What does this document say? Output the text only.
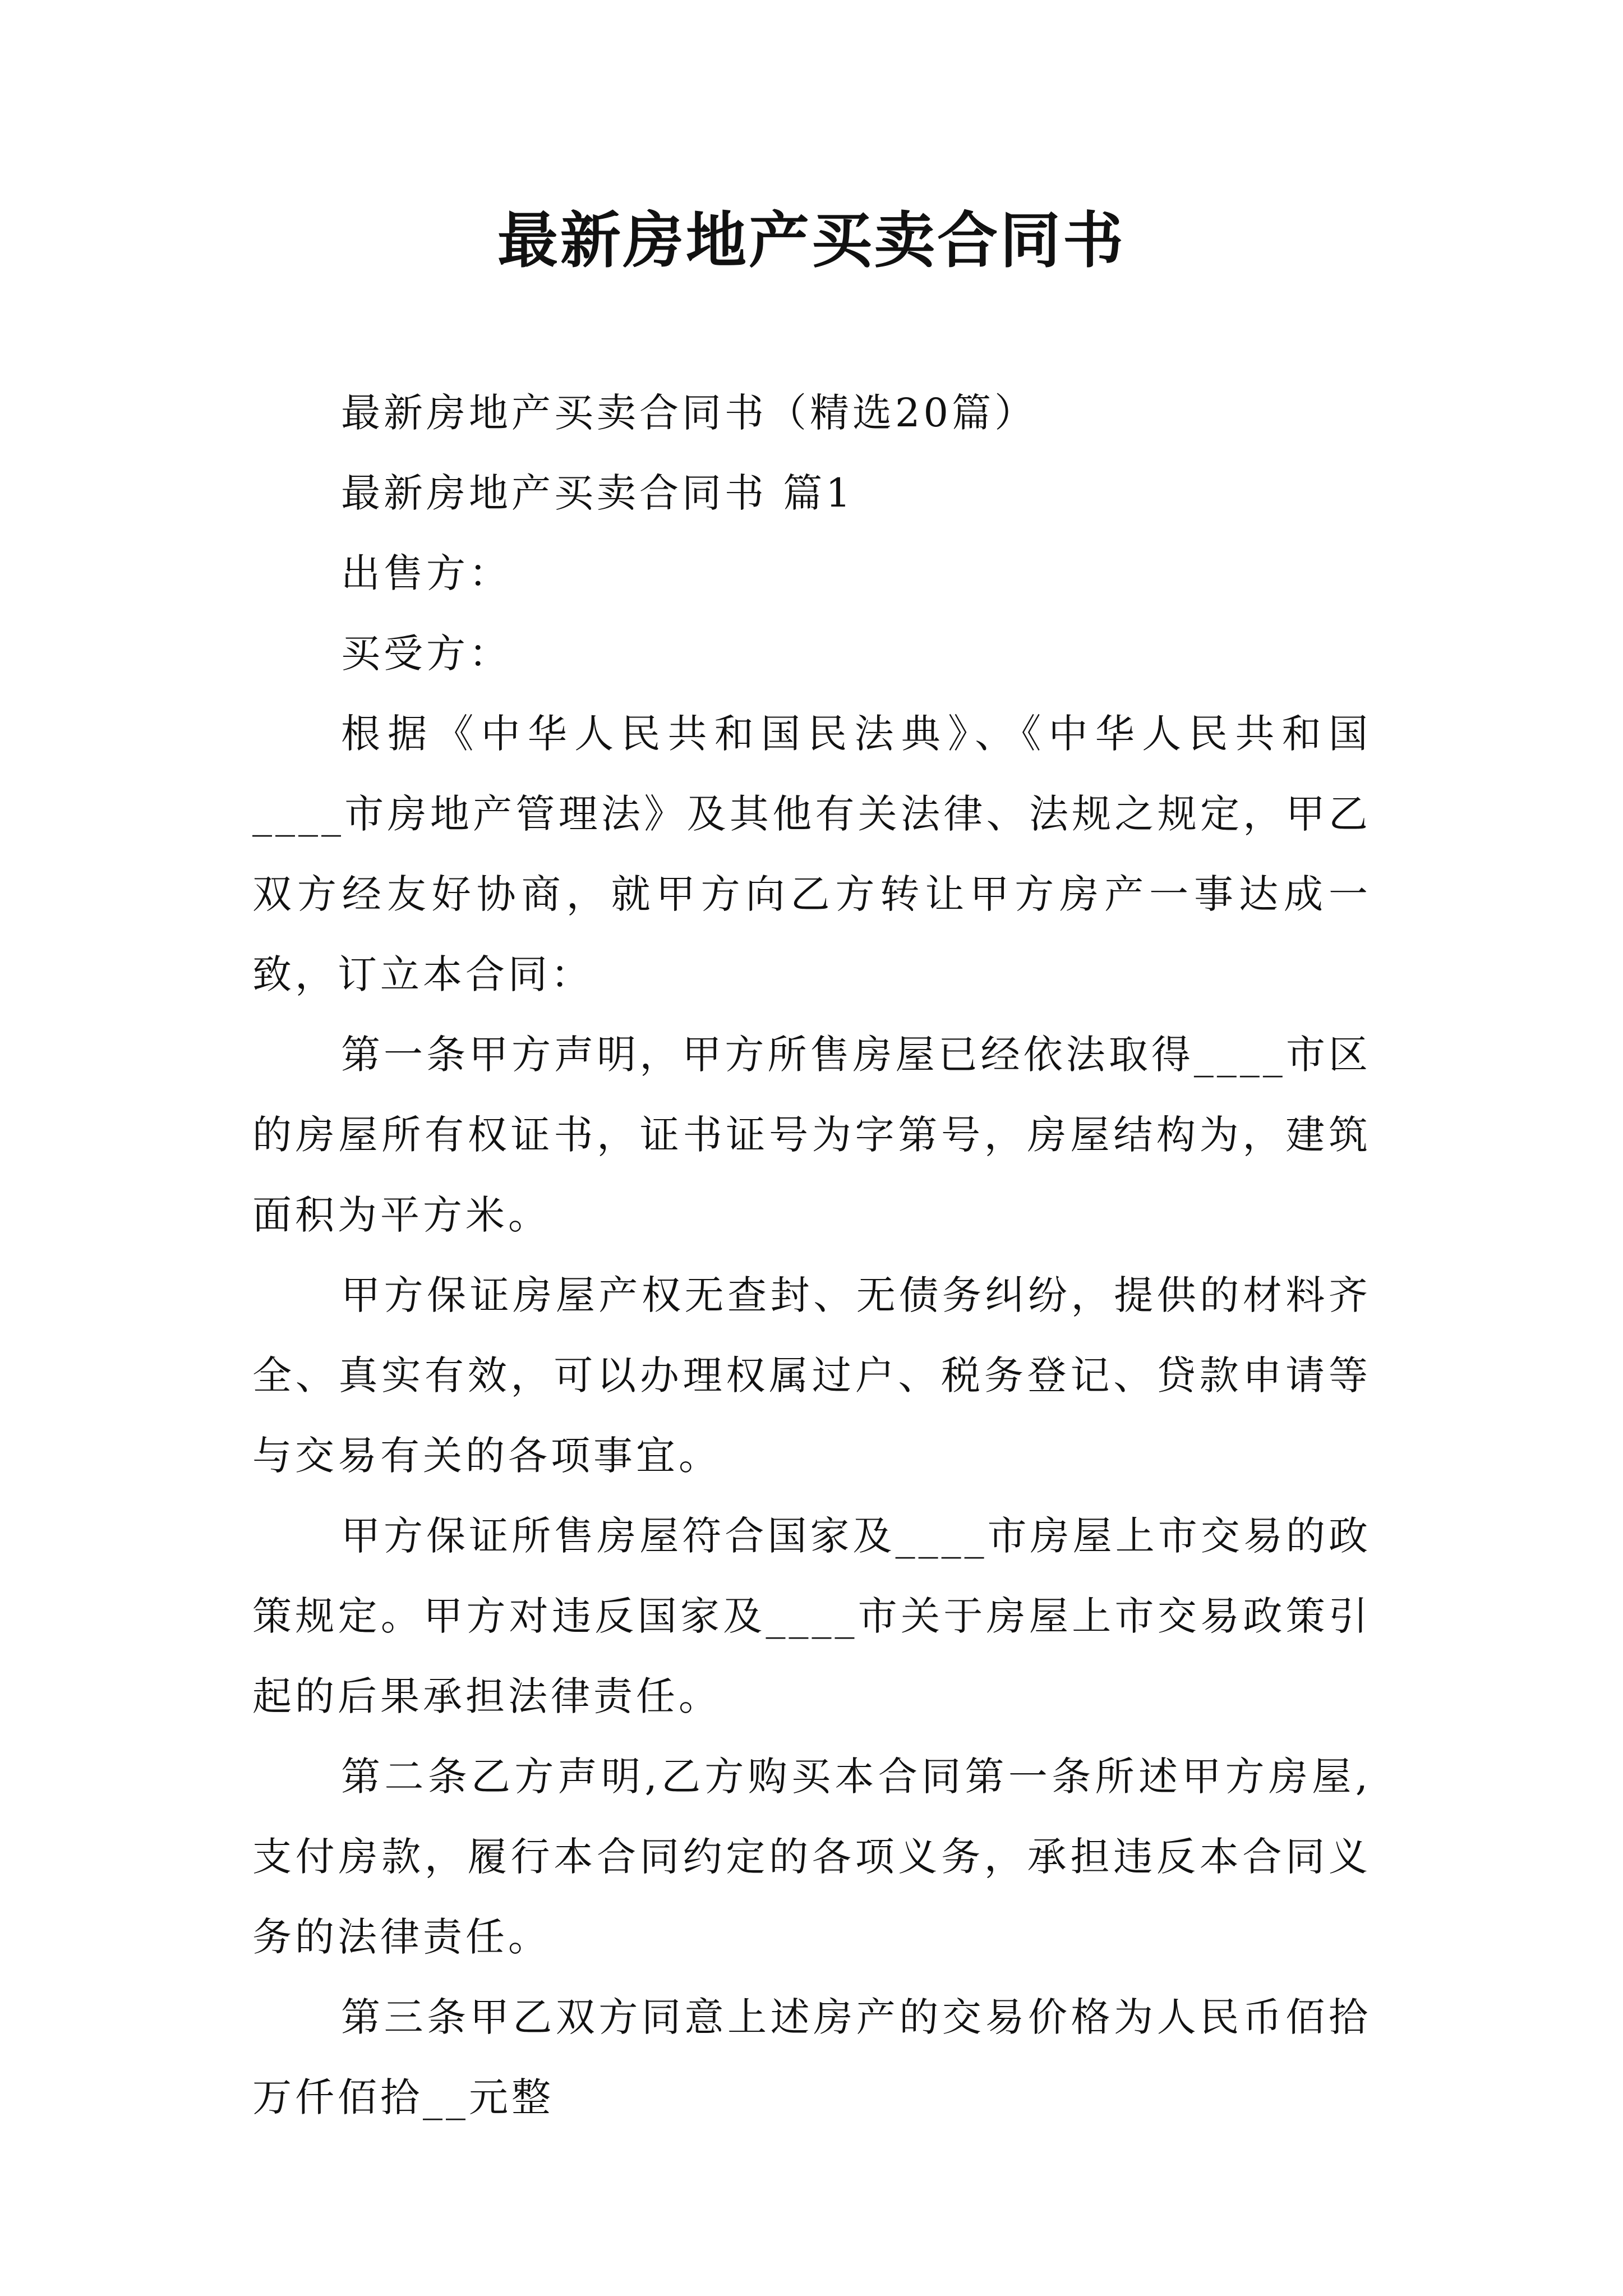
最新房地产买卖合同书

最新房地产买卖合同书（精选20篇）

最新房地产买卖合同书 篇1

出售方：

买受方：

根据《中华人民共和国民法典》、《中华人民共和国____市房地产管理法》及其他有关法律、法规之规定，甲乙双方经友好协商，就甲方向乙方转让甲方房产一事达成一致，订立本合同：

第一条甲方声明，甲方所售房屋已经依法取得____市区的房屋所有权证书，证书证号为字第号，房屋结构为，建筑面积为平方米。

甲方保证房屋产权无查封、无债务纠纷，提供的材料齐全、真实有效，可以办理权属过户、税务登记、贷款申请等与交易有关的各项事宜。

甲方保证所售房屋符合国家及____市房屋上市交易的政策规定。甲方对违反国家及____市关于房屋上市交易政策引起的后果承担法律责任。

第二条乙方声明,乙方购买本合同第一条所述甲方房屋,支付房款，履行本合同约定的各项义务，承担违反本合同义务的法律责任。

第三条甲乙双方同意上述房产的交易价格为人民币佰拾万仟佰拾__元整
